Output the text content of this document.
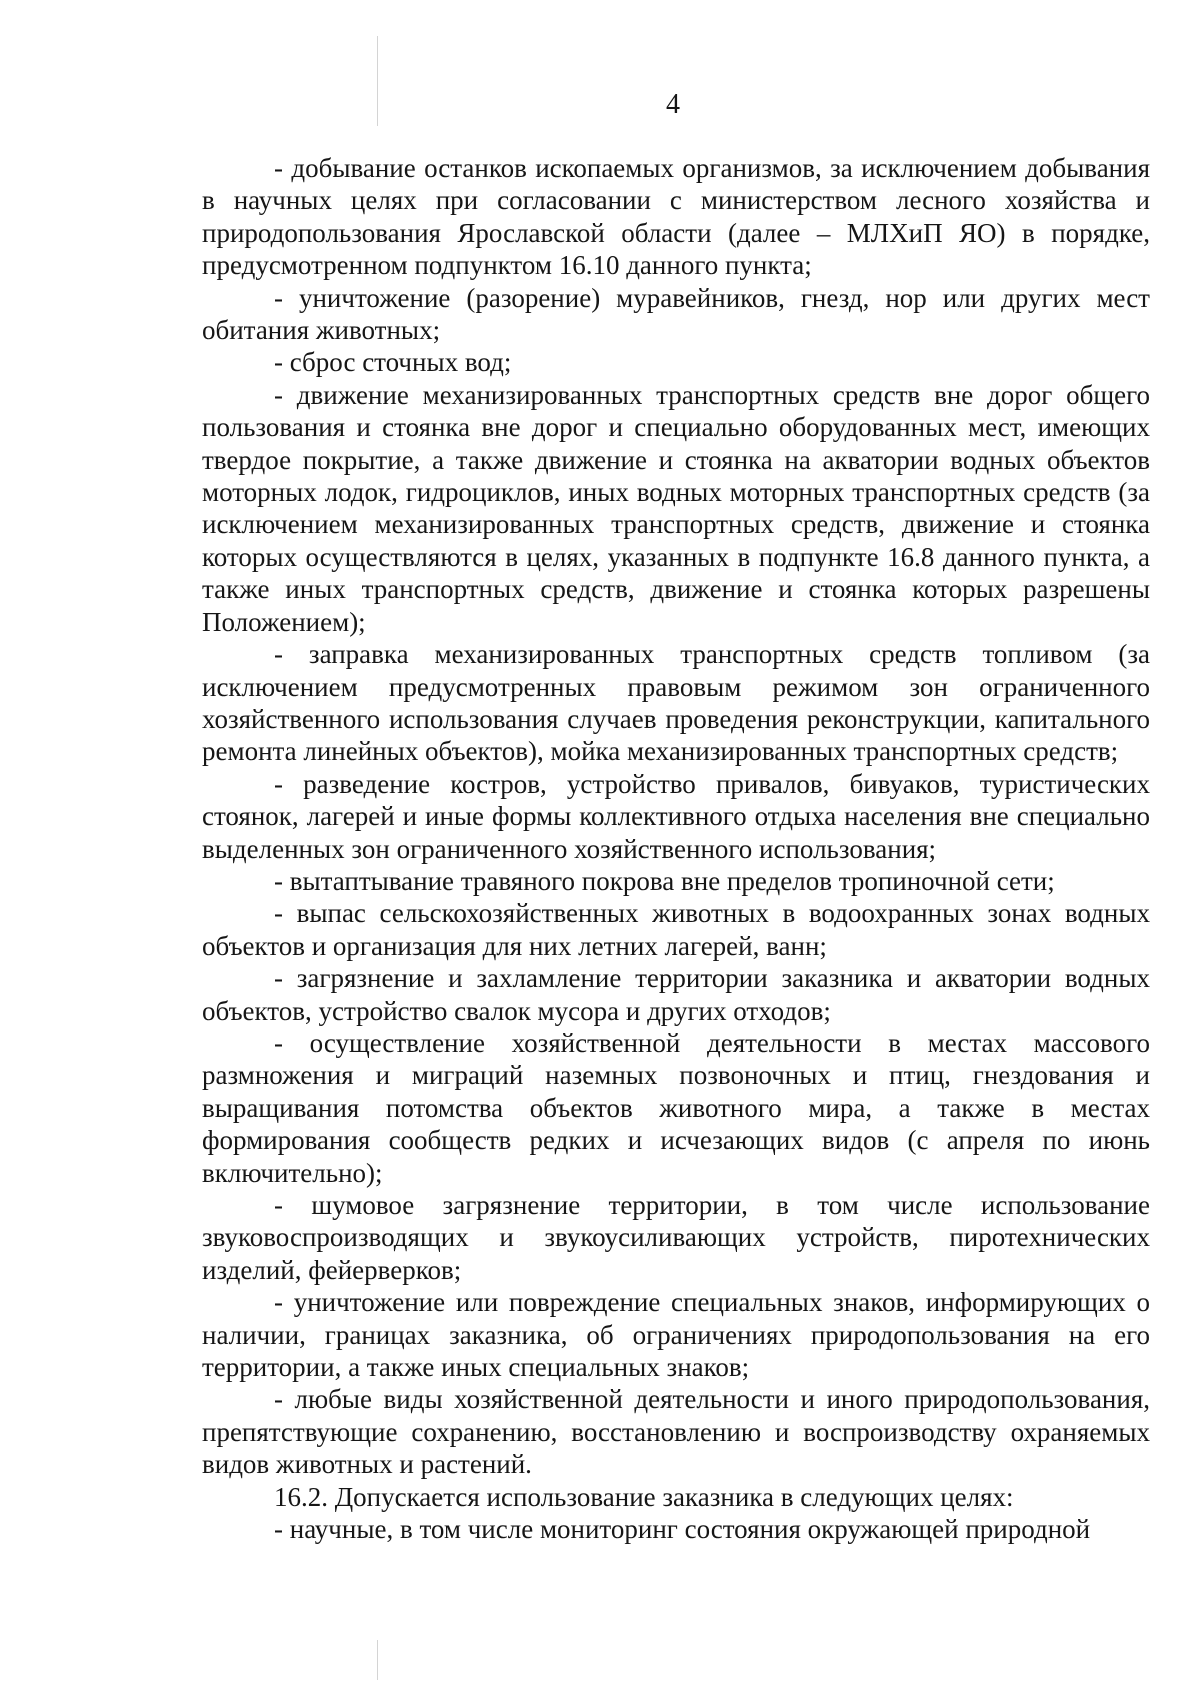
4

- добывание останков ископаемых организмов, за исключением добывания в научных целях при согласовании с министерством лесного хозяйства и природопользования Ярославской области (далее – МЛХиП ЯО) в порядке, предусмотренном подпунктом 16.10 данного пункта;

- уничтожение (разорение) муравейников, гнезд, нор или других мест обитания животных;

- сброс сточных вод;

- движение механизированных транспортных средств вне дорог общего пользования и стоянка вне дорог и специально оборудованных мест, имеющих твердое покрытие, а также движение и стоянка на акватории водных объектов моторных лодок, гидроциклов, иных водных моторных транспортных средств (за исключением механизированных транспортных средств, движение и стоянка которых осуществляются в целях, указанных в подпункте 16.8 данного пункта, а также иных транспортных средств, движение и стоянка которых разрешены Положением);

- заправка механизированных транспортных средств топливом (за исключением предусмотренных правовым режимом зон ограниченного хозяйственного использования случаев проведения реконструкции, капитального ремонта линейных объектов), мойка механизированных транспортных средств;

- разведение костров, устройство привалов, бивуаков, туристических стоянок, лагерей и иные формы коллективного отдыха населения вне специально выделенных зон ограниченного хозяйственного использования;

- вытаптывание травяного покрова вне пределов тропиночной сети;

- выпас сельскохозяйственных животных в водоохранных зонах водных объектов и организация для них летних лагерей, ванн;

- загрязнение и захламление территории заказника и акватории водных объектов, устройство свалок мусора и других отходов;

- осуществление хозяйственной деятельности в местах массового размножения и миграций наземных позвоночных и птиц, гнездования и выращивания потомства объектов животного мира, а также в местах формирования сообществ редких и исчезающих видов (с апреля по июнь включительно);

- шумовое загрязнение территории, в том числе использование звуковоспроизводящих и звукоусиливающих устройств, пиротехнических изделий, фейерверков;

- уничтожение или повреждение специальных знаков, информирующих о наличии, границах заказника, об ограничениях природопользования на его территории, а также иных специальных знаков;

- любые виды хозяйственной деятельности и иного природопользования, препятствующие сохранению, восстановлению и воспроизводству охраняемых видов животных и растений.

16.2. Допускается использование заказника в следующих целях:

- научные, в том числе мониторинг состояния окружающей природной
